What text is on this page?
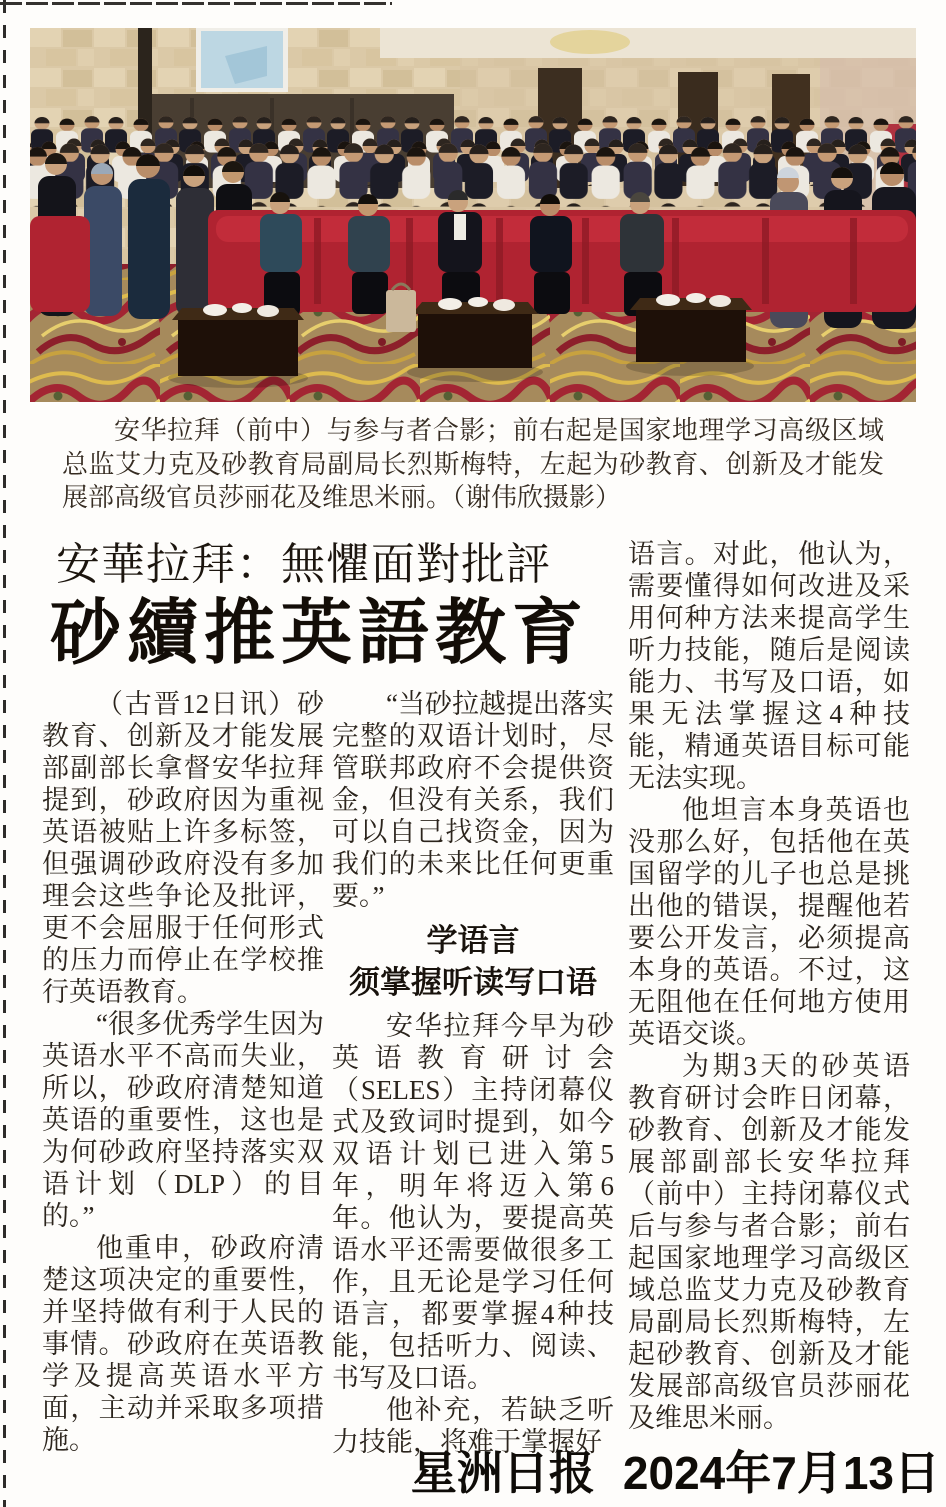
安华拉拜（前中）与参与者合影；前右起是国家地理学习高级区域总监艾力克及砂教育局副局长烈斯梅特，左起为砂教育、创新及才能发展部高级官员莎丽花及维思米丽。（谢伟欣摄影）

安華拉拜：無懼面對批評
砂續推英語教育

（古晋12日讯）砂教育、创新及才能发展部副部长拿督安华拉拜提到，砂政府因为重视英语被贴上许多标签，但强调砂政府没有多加理会这些争论及批评，更不会屈服于任何形式的压力而停止在学校推行英语教育。

“很多优秀学生因为英语水平不高而失业，所以，砂政府清楚知道英语的重要性，这也是为何砂政府坚持落实双语计划（DLP）的目的。”

他重申，砂政府清楚这项决定的重要性，并坚持做有利于人民的事情。砂政府在英语教学及提高英语水平方面，主动并采取多项措施。

“当砂拉越提出落实完整的双语计划时，尽管联邦政府不会提供资金，但没有关系，我们可以自己找资金，因为我们的未来比任何更重要。”

学语言
须掌握听读写口语

安华拉拜今早为砂英语教育研讨会（SELES）主持闭幕仪式及致词时提到，如今双语计划已进入第5年，明年将迈入第6年。他认为，要提高英语水平还需要做很多工作，且无论是学习任何语言，都要掌握4种技能，包括听力、阅读、书写及口语。

他补充，若缺乏听力技能，将难于掌握好

语言。对此，他认为，需要懂得如何改进及采用何种方法来提高学生听力技能，随后是阅读能力、书写及口语，如果无法掌握这4种技能，精通英语目标可能无法实现。

他坦言本身英语也没那么好，包括他在英国留学的儿子也总是挑出他的错误，提醒他若要公开发言，必须提高本身的英语。不过，这无阻他在任何地方使用英语交谈。

为期3天的砂英语教育研讨会昨日闭幕，砂教育、创新及才能发展部副部长安华拉拜（前中）主持闭幕仪式后与参与者合影；前右起国家地理学习高级区域总监艾力克及砂教育局副局长烈斯梅特，左起砂教育、创新及才能发展部高级官员莎丽花及维思米丽。

星洲日报 2024年7月13日
